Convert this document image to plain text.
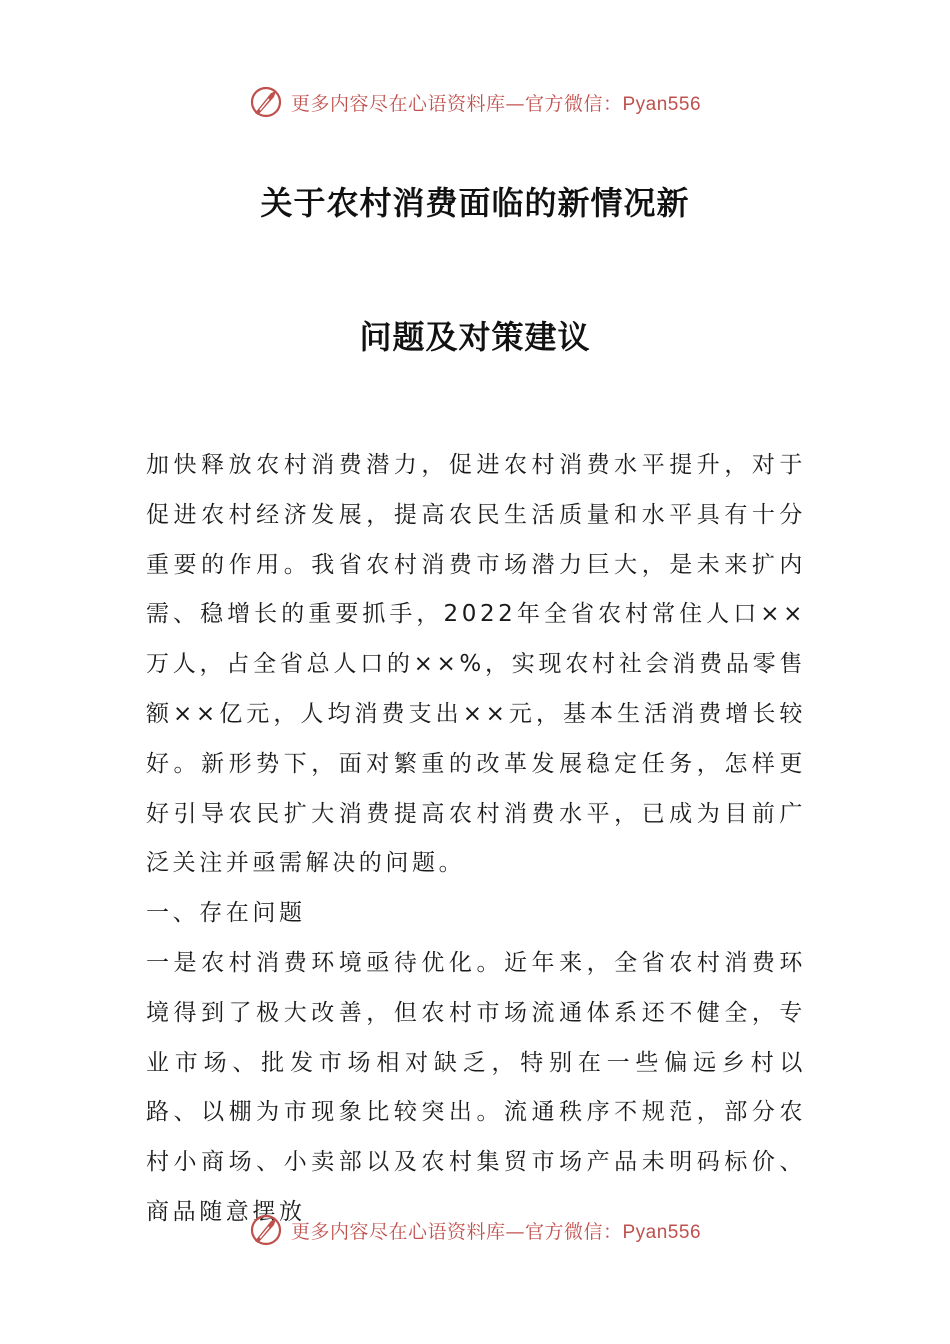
更多内容尽在心语资料库—官方微信：Pyan556
关于农村消费面临的新情况新
问题及对策建议

加快释放农村消费潜力，促进农村消费水平提升，对于促进农村经济发展，提高农民生活质量和水平具有十分重要的作用。我省农村消费市场潜力巨大，是未来扩内需、稳增长的重要抓手，2022年全省农村常住人口××万人，占全省总人口的××%，实现农村社会消费品零售额××亿元，人均消费支出××元，基本生活消费增长较好。新形势下，面对繁重的改革发展稳定任务，怎样更好引导农民扩大消费提高农村消费水平，已成为目前广泛关注并亟需解决的问题。

一、存在问题

一是农村消费环境亟待优化。近年来，全省农村消费环境得到了极大改善，但农村市场流通体系还不健全，专业市场、批发市场相对缺乏，特别在一些偏远乡村以路、以棚为市现象比较突出。流通秩序不规范，部分农村小商场、小卖部以及农村集贸市场产品未明码标价、商品随意摆放

更多内容尽在心语资料库—官方微信：Pyan556
